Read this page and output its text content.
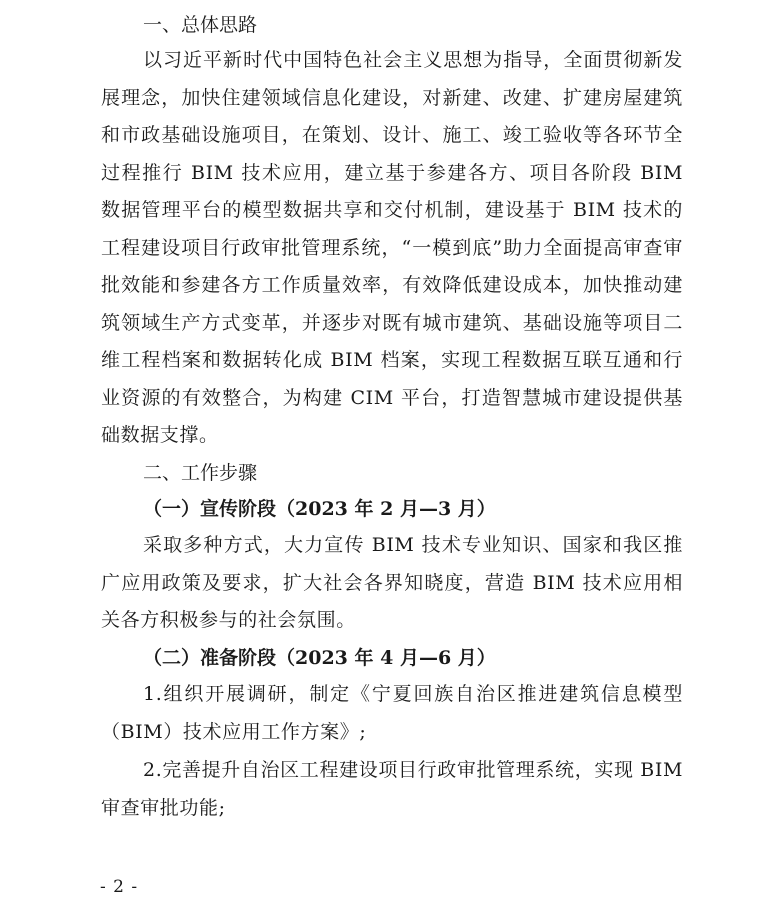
一、总体思路

以习近平新时代中国特色社会主义思想为指导，全面贯彻新发展理念，加快住建领域信息化建设，对新建、改建、扩建房屋建筑和市政基础设施项目，在策划、设计、施工、竣工验收等各环节全过程推行 BIM 技术应用，建立基于参建各方、项目各阶段 BIM 数据管理平台的模型数据共享和交付机制，建设基于 BIM 技术的工程建设项目行政审批管理系统，“一模到底”助力全面提高审查审批效能和参建各方工作质量效率，有效降低建设成本，加快推动建筑领域生产方式变革，并逐步对既有城市建筑、基础设施等项目二维工程档案和数据转化成 BIM 档案，实现工程数据互联互通和行业资源的有效整合，为构建 CIM 平台，打造智慧城市建设提供基础数据支撑。

二、工作步骤
（一）宣传阶段（2023 年 2 月—3 月）

采取多种方式，大力宣传 BIM 技术专业知识、国家和我区推广应用政策及要求，扩大社会各界知晓度，营造 BIM 技术应用相关各方积极参与的社会氛围。

（二）准备阶段（2023 年 4 月—6 月）

1.组织开展调研，制定《宁夏回族自治区推进建筑信息模型（BIM）技术应用工作方案》;

2.完善提升自治区工程建设项目行政审批管理系统，实现 BIM 审查审批功能;

- 2 -
